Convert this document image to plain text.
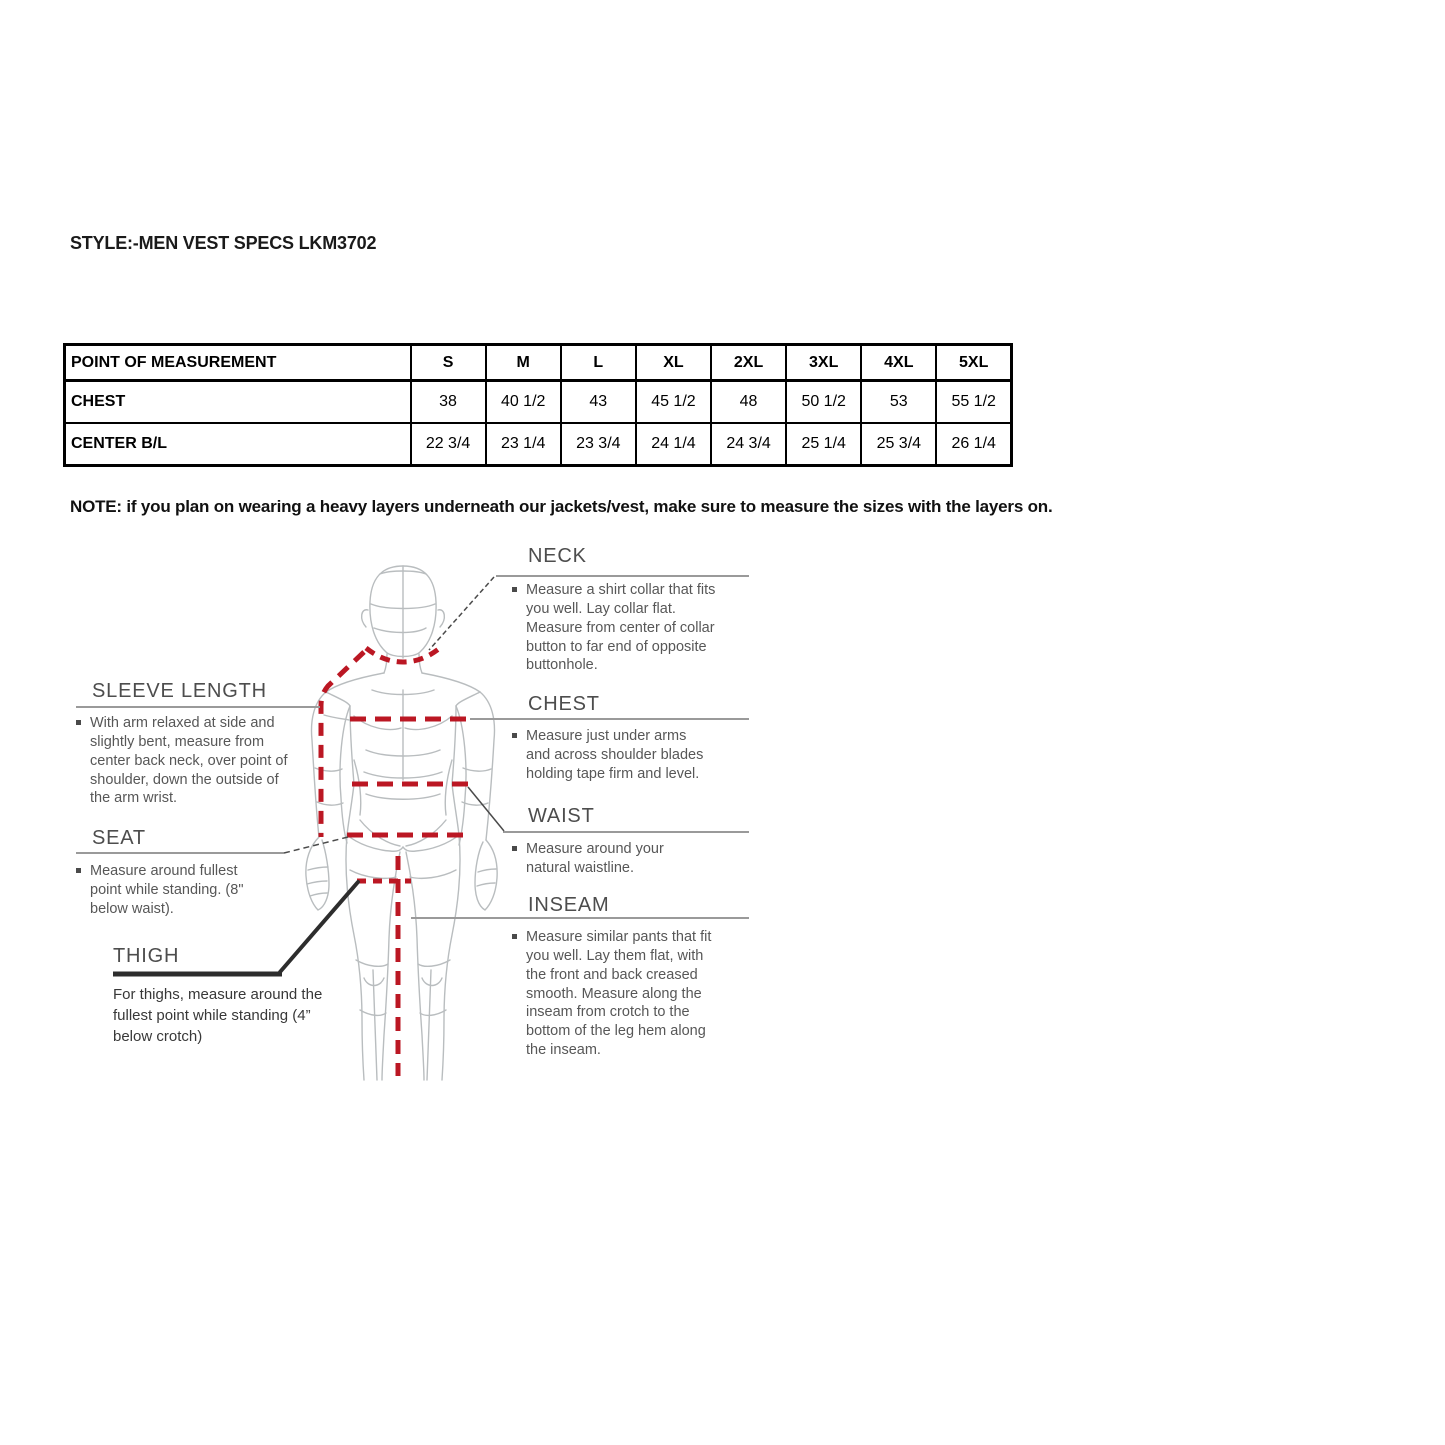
STYLE:-MEN VEST SPECS LKM3702
POINT OF MEASUREMENT	S	M	L	XL	2XL	3XL	4XL	5XL
CHEST	38	40 1/2	43	45 1/2	48	50 1/2	53	55 1/2
CENTER B/L	22 3/4	23 1/4	23 3/4	24 1/4	24 3/4	25 1/4	25 3/4	26 1/4
NOTE: if you plan on wearing a heavy layers underneath our jackets/vest, make sure to measure the sizes with the layers on.
NECK
Measure a shirt collar that fits you well. Lay collar flat. Measure from center of collar button to far end of opposite buttonhole.
SLEEVE LENGTH
With arm relaxed at side and slightly bent, measure from center back neck, over point of shoulder, down the outside of the arm wrist.
CHEST
Measure just under arms and across shoulder blades holding tape firm and level.
WAIST
Measure around your natural waistline.
SEAT
Measure around fullest point while standing. (8" below waist).	INSEAM
Measure similar pants that fit you well. Lay them flat, with the front and back creased smooth. Measure along the inseam from crotch to the bottom of the leg hem along the inseam.
THIGH
For thighs, measure around the fullest point while standing (4” below crotch)
